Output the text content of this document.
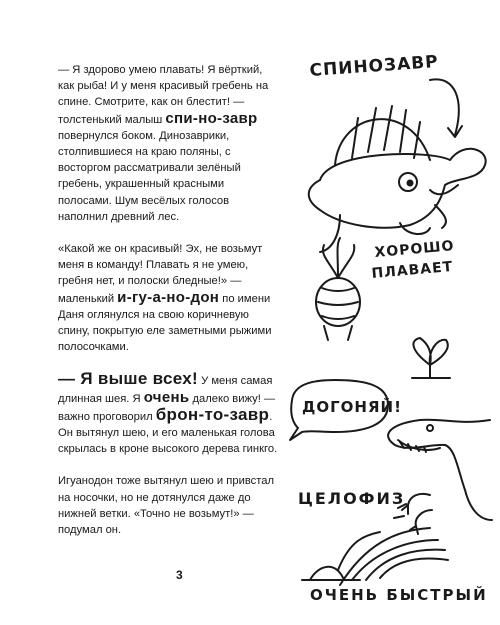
— Я здорово умею плавать! Я вёрткий, как рыба! И у меня красивый гребень на спине. Смотрите, как он блестит! — толстенький малыш спи-но-завр повернулся боком. Динозаврики, столпившиеся на краю поляны, с восторгом рассматривали зелёный гребень, украшенный красными полосами. Шум весёлых голосов наполнил древний лес.

«Какой же он красивый! Эх, не возьмут меня в команду! Плавать я не умею, гребня нет, и полоски бледные!» — маленький и-гу-а-но-дон по имени Даня оглянулся на свою коричневую спину, покрытую еле заметными рыжими полосочками.

— Я выше всех! У меня самая длинная шея. Я очень далеко вижу! — важно проговорил брон-то-завр. Он вытянул шею, и его маленькая голова скрылась в кроне высокого дерева гинкго.

Игуанодон тоже вытянул шею и привстал на носочки, но не дотянулся даже до нижней ветки. «Точно не возьмут!» — подумал он.

3
СПИНОЗАВР
ХОРОШО
ПЛАВАЕТ
ДОГОНЯЙ!
ЦЕЛОФИЗ
ОЧЕНЬ БЫСТРЫЙ
